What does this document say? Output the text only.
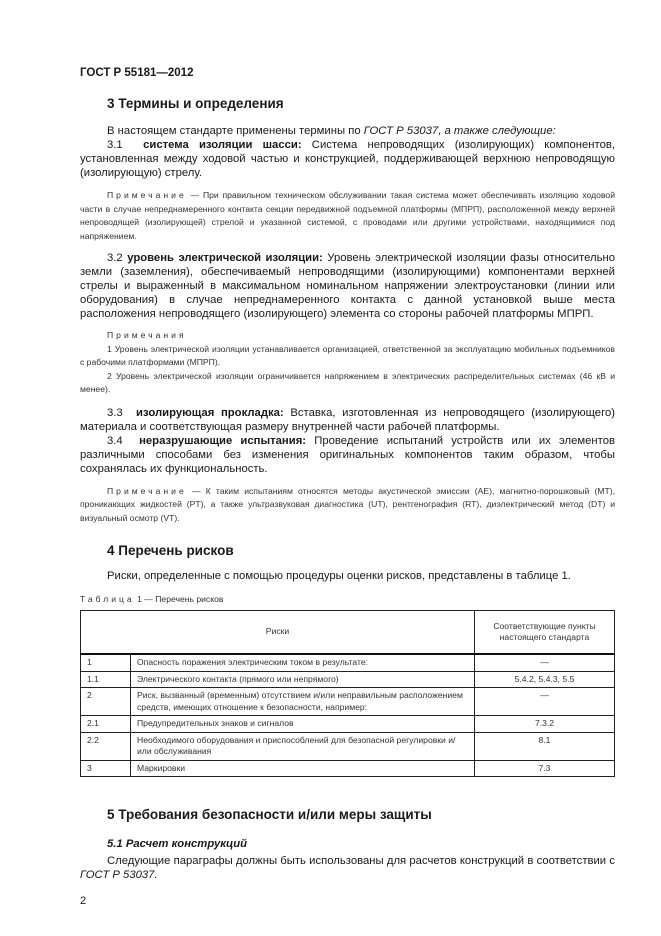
ГОСТ Р 55181—2012
3 Термины и определения

В настоящем стандарте применены термины по ГОСТ Р 53037, а также следующие:

3.1 система изоляции шасси: Система непроводящих (изолирующих) компонентов, установленная между ходовой частью и конструкцией, поддерживающей верхнюю непроводящую (изолирующую) стрелу.

Примечание — При правильном техническом обслуживании такая система может обеспечивать изоляцию ходовой части в случае непреднамеренного контакта секции передвижной подъемной платформы (МПРП), расположенной между верхней непроводящей (изолирующей) стрелой и указанной системой, с проводами или другими устройствами, находящимися под напряжением.

3.2 уровень электрической изоляции: Уровень электрической изоляции фазы относительно земли (заземления), обеспечиваемый непроводящими (изолирующими) компонентами верхней стрелы и выраженный в максимальном номинальном напряжении электроустановки (линии или оборудования) в случае непреднамеренного контакта с данной установкой выше места расположения непроводящего (изолирующего) элемента со стороны рабочей платформы МПРП.

Примечания

1 Уровень электрической изоляции устанавливается организацией, ответственной за эксплуатацию мобильных подъемников с рабочими платформами (МПРП).

2 Уровень электрической изоляции ограничивается напряжением в электрических распределительных системах (46 кВ и менее).

3.3 изолирующая прокладка: Вставка, изготовленная из непроводящего (изолирующего) материала и соответствующая размеру внутренней части рабочей платформы.

3.4 неразрушающие испытания: Проведение испытаний устройств или их элементов различными способами без изменения оригинальных компонентов таким образом, чтобы сохранялась их функциональность.

Примечание — К таким испытаниям относятся методы акустической эмиссии (AE), магнитно-порошковый (MT), проникающих жидкостей (PT), а также ультразвуковая диагностика (UT), рентгенография (RT), диэлектрический метод (DT) и визуальный осмотр (VT).

4 Перечень рисков

Риски, определенные с помощью процедуры оценки рисков, представлены в таблице 1.

Таблица 1 — Перечень рисков
Риски		Соответствующие пункты настоящего стандарта
1	Опасность поражения электрическим током в результате:	—
1.1	Электрического контакта (прямого или непрямого)	5.4.2, 5.4.3, 5.5
2	Риск, вызванный (временным) отсутствием и/или неправильным расположением средств, имеющих отношение к безопасности, например:	—
2.1	Предупредительных знаков и сигналов	7.3.2
2.2	Необходимого оборудования и приспособлений для безопасной регулировки и/или обслуживания	8.1
3	Маркировки	7.3
5 Требования безопасности и/или меры защиты
5.1 Расчет конструкций

Следующие параграфы должны быть использованы для расчетов конструкций в соответствии с ГОСТ Р 53037.

2
